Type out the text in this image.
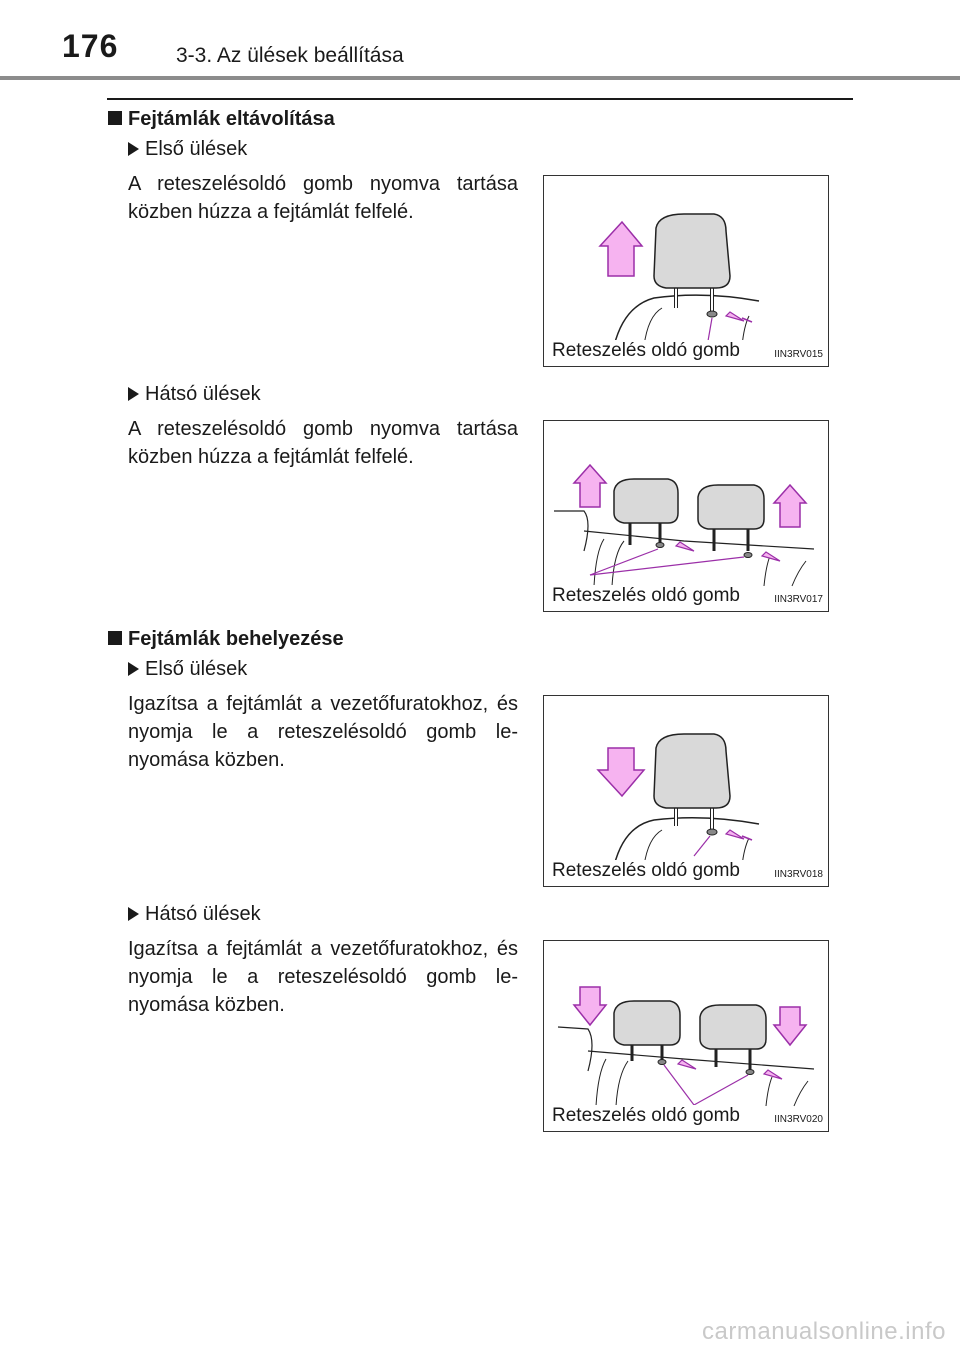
176	3-3. Az ülések beállítása
Fejtámlák eltávolítása
Első ülések
A reteszelésoldó gomb nyomva tartása közben húzza a fejtámlát felfelé.
Reteszelés oldó gomb	IIN3RV015
Hátsó ülések
A reteszelésoldó gomb nyomva tartása közben húzza a fejtámlát felfelé.
Reteszelés oldó gomb	IIN3RV017
Fejtámlák behelyezése
Első ülések
Igazítsa a fejtámlát a vezetőfuratokhoz, és nyomja le a reteszelésoldó gomb le-nyomása közben.
Reteszelés oldó gomb	IIN3RV018
Hátsó ülések
Igazítsa a fejtámlát a vezetőfuratokhoz, és nyomja le a reteszelésoldó gomb le-nyomása közben.
Reteszelés oldó gomb	IIN3RV020
carmanualsonline.info
